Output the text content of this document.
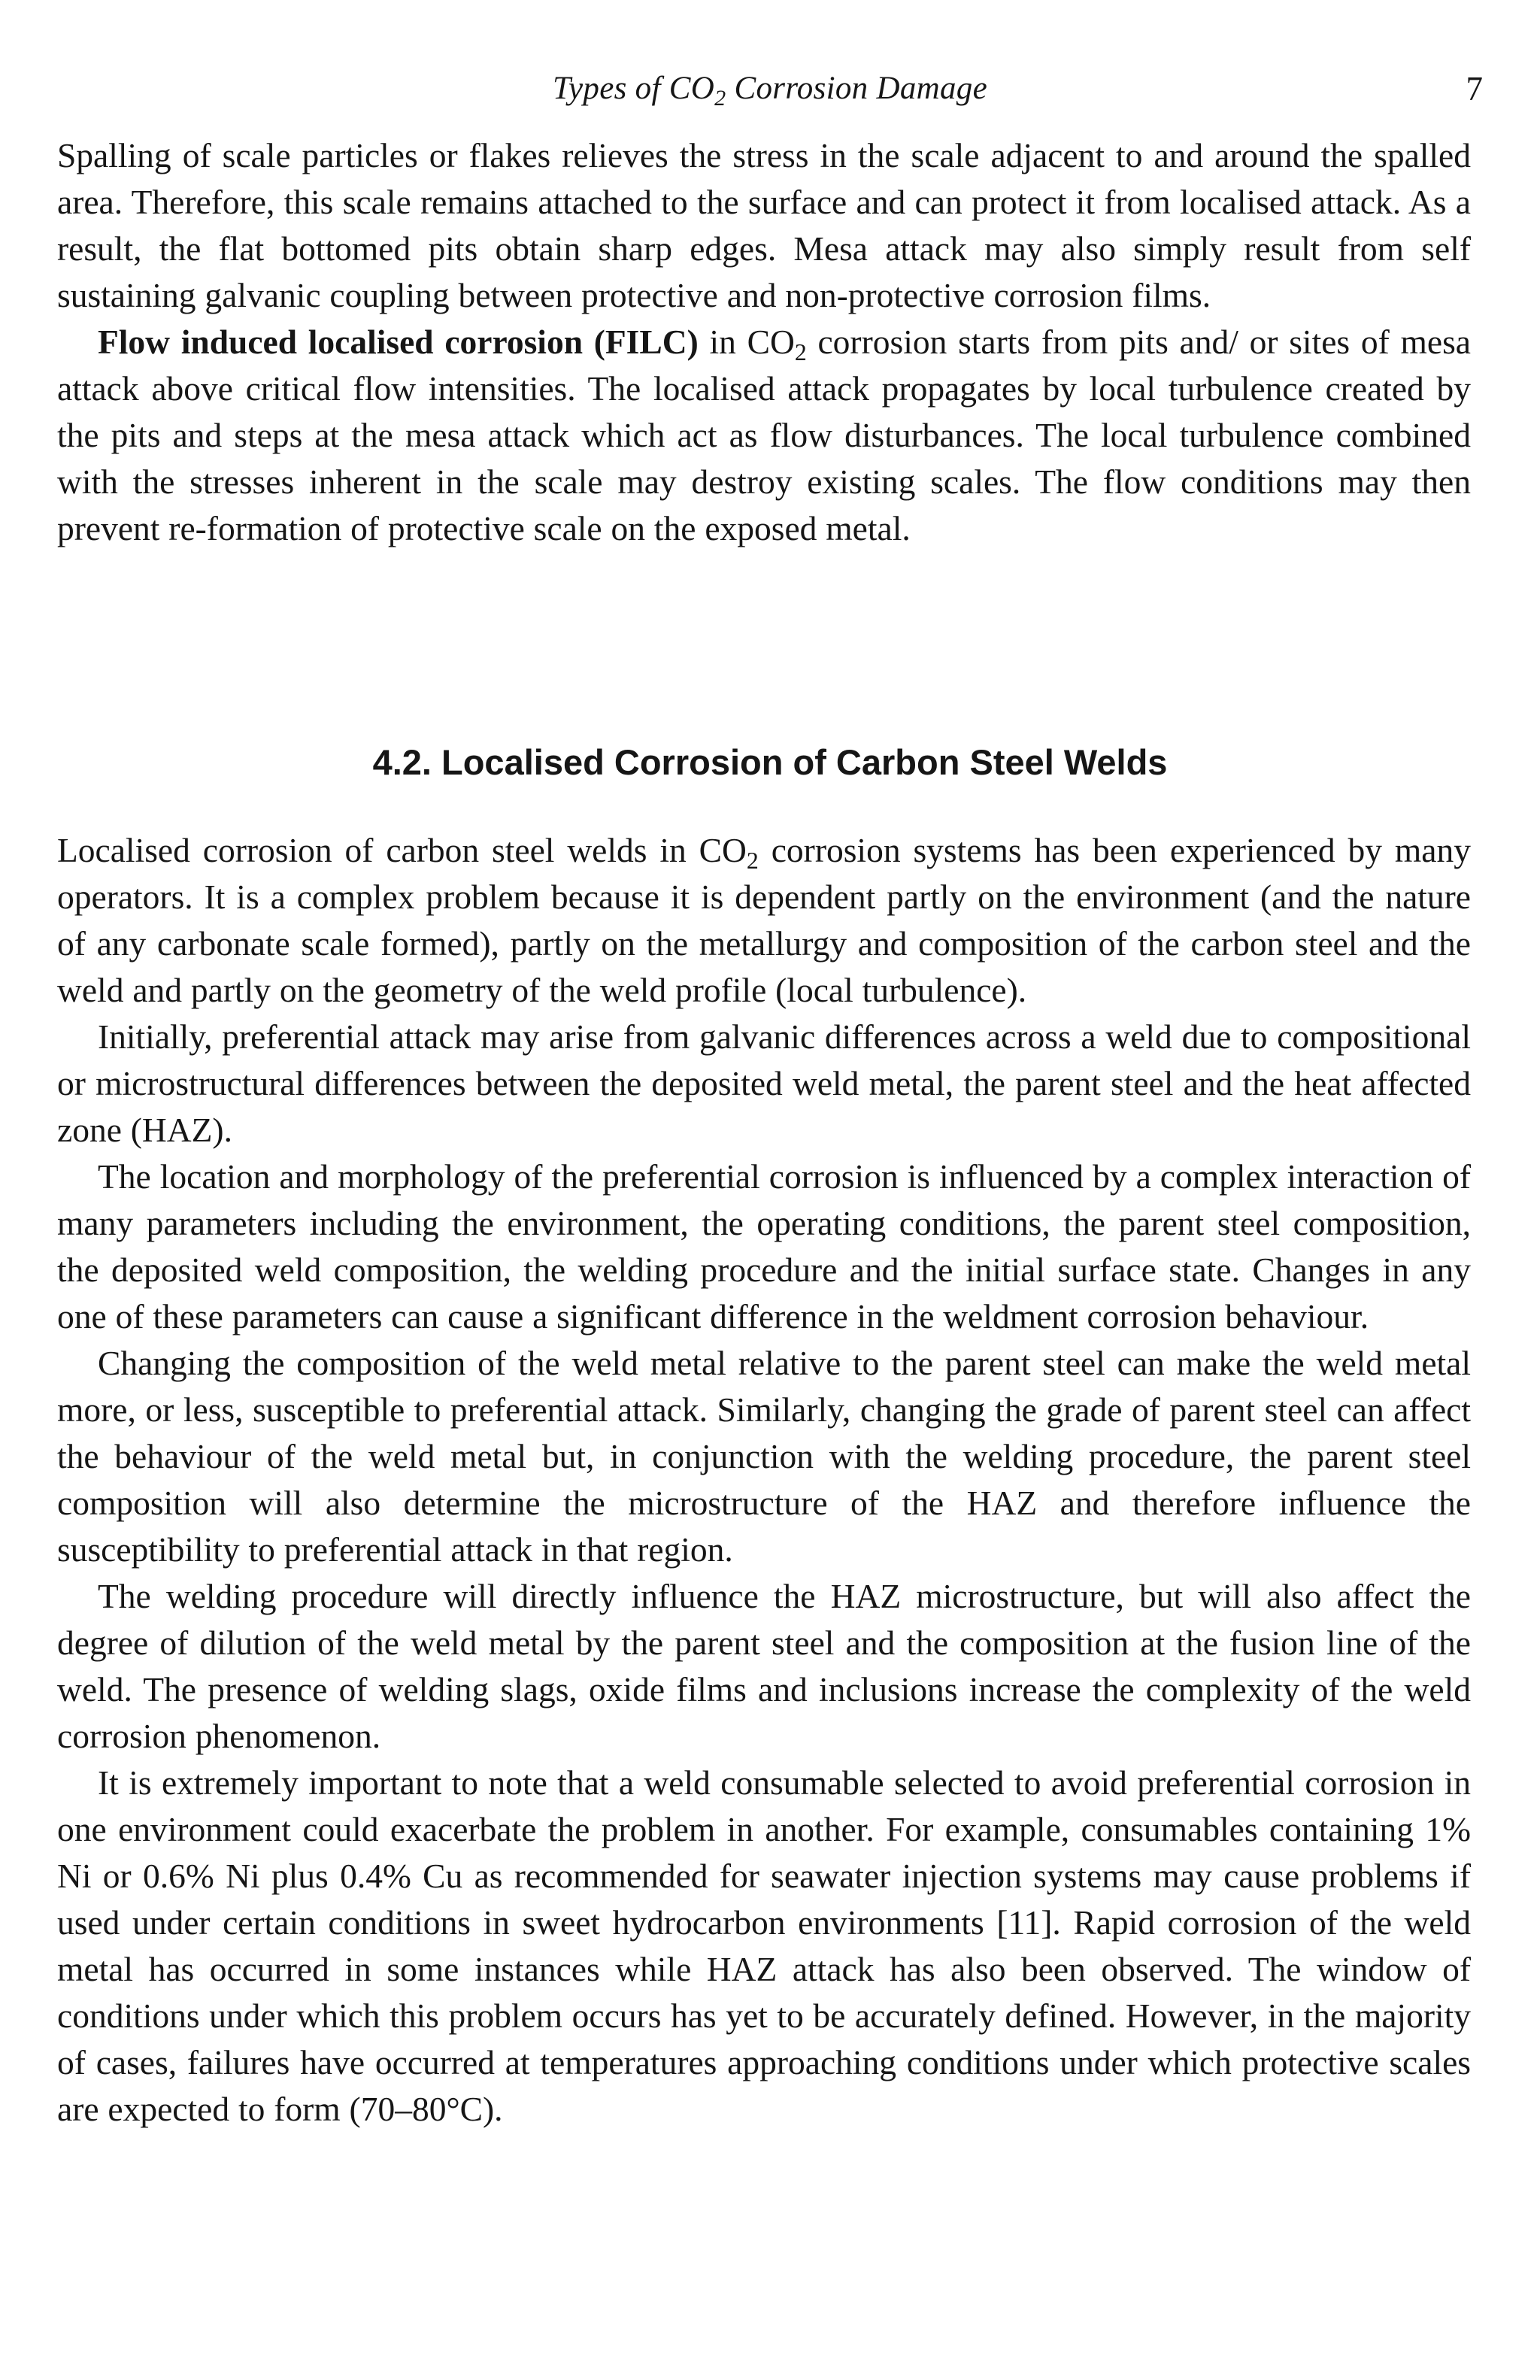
Types of $CO_2$ Corrosion Damage	7

Spalling of scale particles or flakes relieves the stress in the scale adjacent to and around the spalled area. Therefore, this scale remains attached to the surface and can protect it from localised attack. As a result, the flat bottomed pits obtain sharp edges. Mesa attack may also simply result from self sustaining galvanic coupling between protective and non-protective corrosion films.

Flow induced localised corrosion (FILC) in $CO_2$ corrosion starts from pits and/ or sites of mesa attack above critical flow intensities. The localised attack propagates by local turbulence created by the pits and steps at the mesa attack which act as flow disturbances. The local turbulence combined with the stresses inherent in the scale may destroy existing scales. The flow conditions may then prevent re-formation of protective scale on the exposed metal.

4.2. Localised Corrosion of Carbon Steel Welds

Localised corrosion of carbon steel welds in $CO_2$ corrosion systems has been experienced by many operators. It is a complex problem because it is dependent partly on the environment (and the nature of any carbonate scale formed), partly on the metallurgy and composition of the carbon steel and the weld and partly on the geometry of the weld profile (local turbulence).

Initially, preferential attack may arise from galvanic differences across a weld due to compositional or microstructural differences between the deposited weld metal, the parent steel and the heat affected zone (HAZ).

The location and morphology of the preferential corrosion is influenced by a complex interaction of many parameters including the environment, the operating conditions, the parent steel composition, the deposited weld composition, the welding procedure and the initial surface state. Changes in any one of these parameters can cause a significant difference in the weldment corrosion behaviour.

Changing the composition of the weld metal relative to the parent steel can make the weld metal more, or less, susceptible to preferential attack. Similarly, changing the grade of parent steel can affect the behaviour of the weld metal but, in conjunction with the welding procedure, the parent steel composition will also determine the microstructure of the HAZ and therefore influence the susceptibility to preferential attack in that region.

The welding procedure will directly influence the HAZ microstructure, but will also affect the degree of dilution of the weld metal by the parent steel and the composition at the fusion line of the weld. The presence of welding slags, oxide films and inclusions increase the complexity of the weld corrosion phenomenon.

It is extremely important to note that a weld consumable selected to avoid preferential corrosion in one environment could exacerbate the problem in another. For example, consumables containing 1% Ni or 0.6% Ni plus 0.4% Cu as recommended for seawater injection systems may cause problems if used under certain conditions in sweet hydrocarbon environments [11]. Rapid corrosion of the weld metal has occurred in some instances while HAZ attack has also been observed. The window of conditions under which this problem occurs has yet to be accurately defined. However, in the majority of cases, failures have occurred at temperatures approaching conditions under which protective scales are expected to form (70–80°C).
